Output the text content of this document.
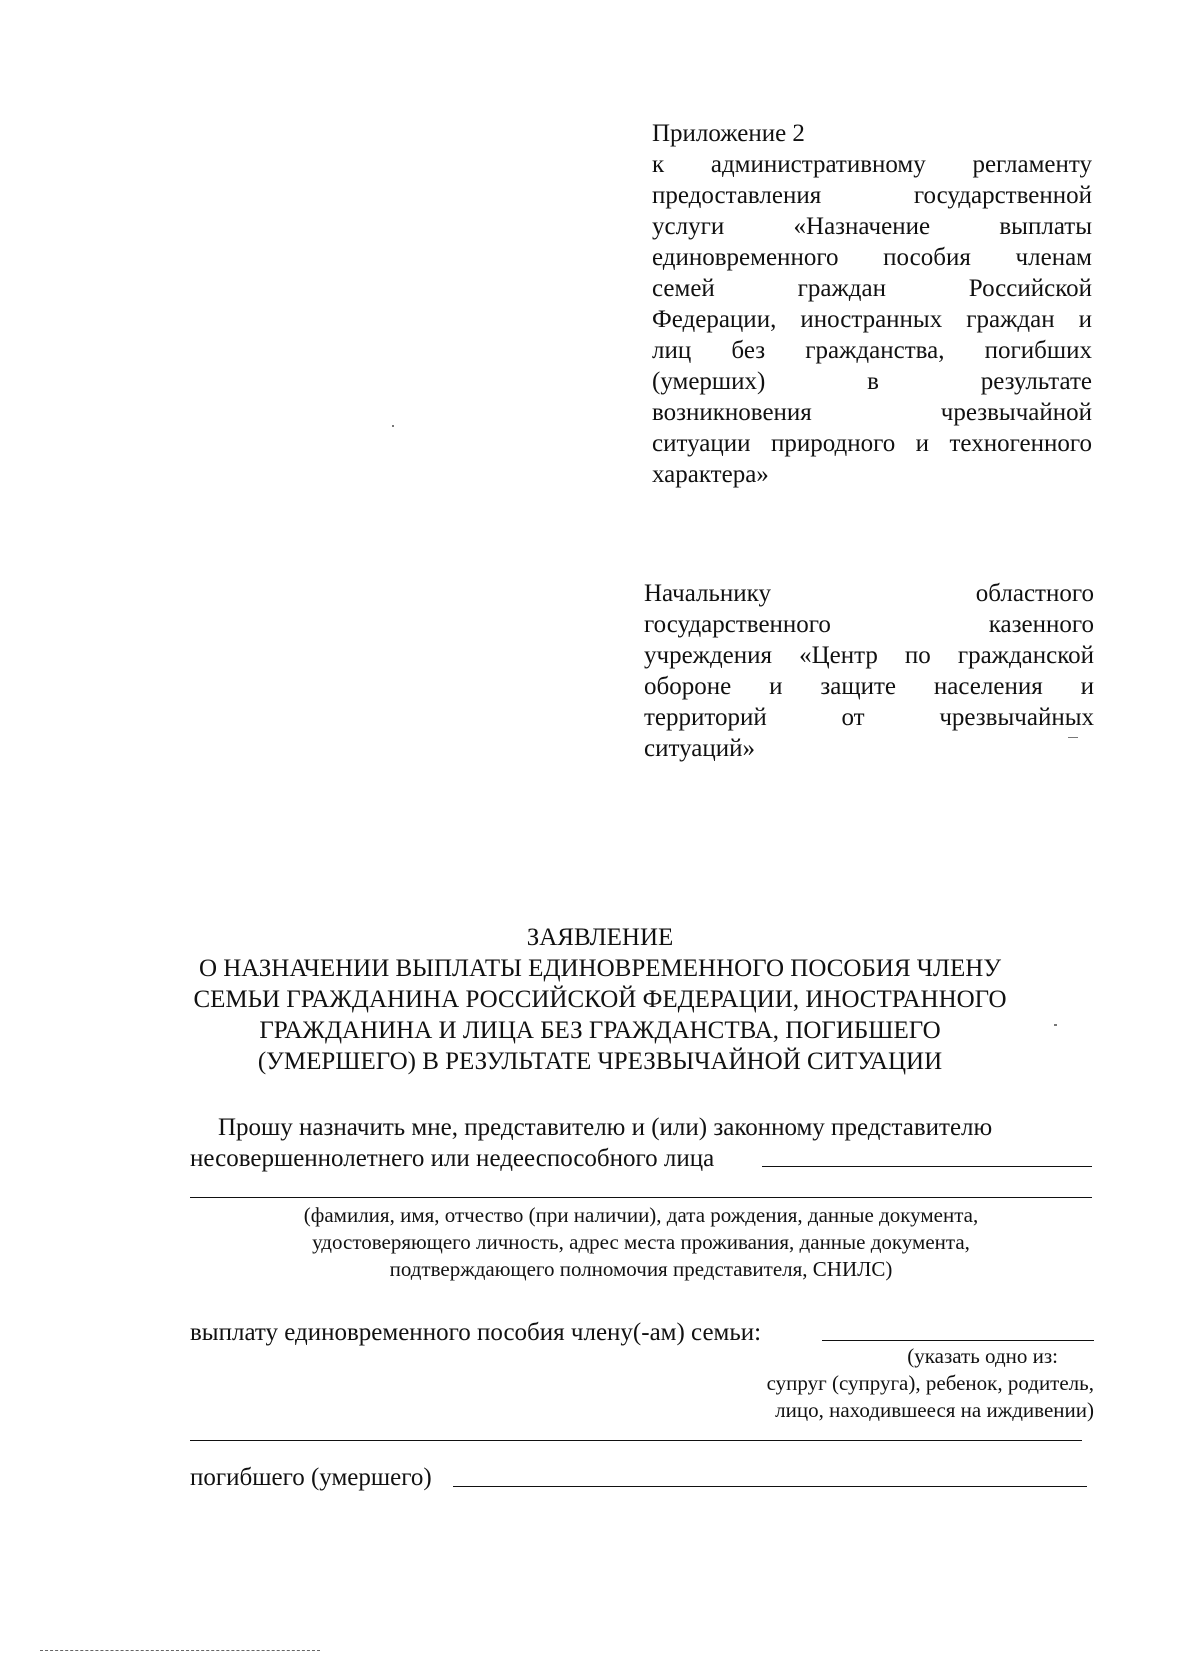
Приложение 2
к административному регламенту
предоставления государственной
услуги «Назначение выплаты
единовременного пособия членам
семей граждан Российской
Федерации, иностранных граждан и
лиц без гражданства, погибших
(умерших) в результате
возникновения чрезвычайной
ситуации природного и техногенного
характера»
Начальнику областного
государственного казенного
учреждения «Центр по гражданской
обороне и защите населения и
территорий от чрезвычайных
ситуаций»
ЗАЯВЛЕНИЕ
О НАЗНАЧЕНИИ ВЫПЛАТЫ ЕДИНОВРЕМЕННОГО ПОСОБИЯ ЧЛЕНУ
СЕМЬИ ГРАЖДАНИНА РОССИЙСКОЙ ФЕДЕРАЦИИ, ИНОСТРАННОГО
ГРАЖДАНИНА И ЛИЦА БЕЗ ГРАЖДАНСТВА, ПОГИБШЕГО
(УМЕРШЕГО) В РЕЗУЛЬТАТЕ ЧРЕЗВЫЧАЙНОЙ СИТУАЦИИ
Прошу назначить мне, представителю и (или) законному представителю
несовершеннолетнего или недееспособного лица
(фамилия, имя, отчество (при наличии), дата рождения, данные документа,
удостоверяющего личность, адрес места проживания, данные документа,
подтверждающего полномочия представителя, СНИЛС)
выплату единовременного пособия члену(-ам) семьи:
(указать одно из:
супруг (супруга), ребенок, родитель,
лицо, находившееся на иждивении)
погибшего (умершего)
